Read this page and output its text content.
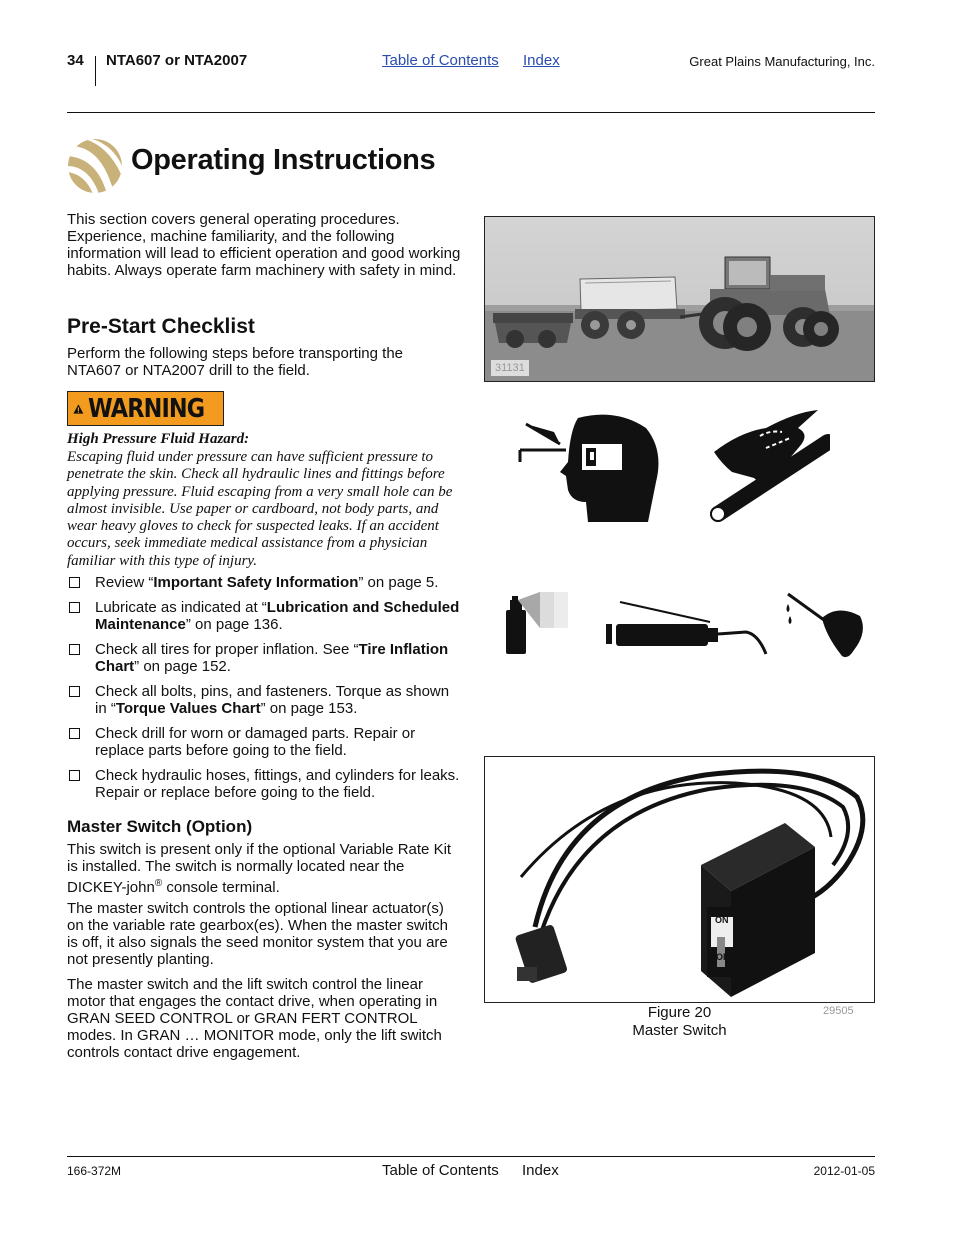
34 NTA607 or NTA2007	Table of Contents Index	Great Plains Manufacturing, Inc.
Operating Instructions
This section covers general operating procedures. Experience, machine familiarity, and the following information will lead to efficient operation and good working habits. Always operate farm machinery with safety in mind.
Pre-Start Checklist
Perform the following steps before transporting the NTA607 or NTA2007 drill to the field.
WARNING
High Pressure Fluid Hazard:
Escaping fluid under pressure can have sufficient pressure to penetrate the skin. Check all hydraulic lines and fittings before applying pressure. Fluid escaping from a very small hole can be almost invisible. Use paper or cardboard, not body parts, and wear heavy gloves to check for suspected leaks. If an accident occurs, seek immediate medical assistance from a physician familiar with this type of injury.
Review “Important Safety Information” on page 5.
Lubricate as indicated at “Lubrication and Scheduled Maintenance” on page 136.
Check all tires for proper inflation. See “Tire Inflation Chart” on page 152.
Check all bolts, pins, and fasteners. Torque as shown in “Torque Values Chart” on page 153.
Check drill for worn or damaged parts. Repair or replace parts before going to the field.
Check hydraulic hoses, fittings, and cylinders for leaks. Repair or replace before going to the field.
Master Switch (Option)
This switch is present only if the optional Variable Rate Kit is installed. The switch is normally located near the DICKEY-john® console terminal.
The master switch controls the optional linear actuator(s) on the variable rate gearbox(es). When the master switch is off, it also signals the seed monitor system that you are not presently planting.
The master switch and the lift switch control the linear motor that engages the contact drive, when operating in GRAN SEED CONTROL or GRAN FERT CONTROL modes. In GRAN … MONITOR mode, only the lift switch controls contact drive engagement.
31131
ON
OFF
29505
Figure 20
Master Switch
166-372M	Table of Contents Index	2012-01-05
